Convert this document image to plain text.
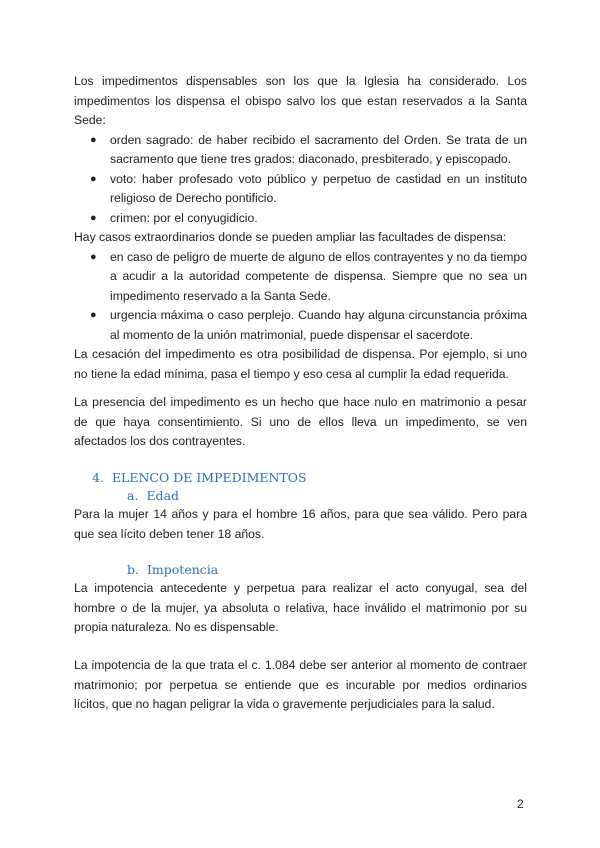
Los impedimentos dispensables son los que la Iglesia ha considerado. Los impedimentos los dispensa el obispo salvo los que estan reservados a la Santa Sede:

● orden sagrado: de haber recibido el sacramento del Orden. Se trata de un sacramento que tiene tres grados: diaconado, presbiterado, y episcopado.
● voto: haber profesado voto público y perpetuo de castidad en un instituto religioso de Derecho pontificio.
● crimen: por el conyugidicio.

Hay casos extraordinarios donde se pueden ampliar las facultades de dispensa:

● en caso de peligro de muerte de alguno de ellos contrayentes y no da tiempo a acudir a la autoridad competente de dispensa. Siempre que no sea un impedimento reservado a la Santa Sede.
● urgencia máxima o caso perplejo. Cuando hay alguna circunstancia próxima al momento de la unión matrimonial, puede dispensar el sacerdote.

La cesación del impedimento es otra posibilidad de dispensa. Por ejemplo, si uno no tiene la edad mínima, pasa el tiempo y eso cesa al cumplir la edad requerida.

La presencia del impedimento es un hecho que hace nulo en matrimonio a pesar de que haya consentimiento. Si uno de ellos lleva un impedimento, se ven afectados los dos contrayentes.

4. ELENCO DE IMPEDIMENTOS
a. Edad

Para la mujer 14 años y para el hombre 16 años, para que sea válido. Pero para que sea lícito deben tener 18 años.

b. Impotencia

La impotencia antecedente y perpetua para realizar el acto conyugal, sea del hombre o de la mujer, ya absoluta o relativa, hace inválido el matrimonio por su propia naturaleza. No es dispensable.

La impotencia de la que trata el c. 1.084 debe ser anterior al momento de contraer matrimonio; por perpetua se entiende que es incurable por medios ordinarios lícitos, que no hagan peligrar la vida o gravemente perjudiciales para la salud.

2
